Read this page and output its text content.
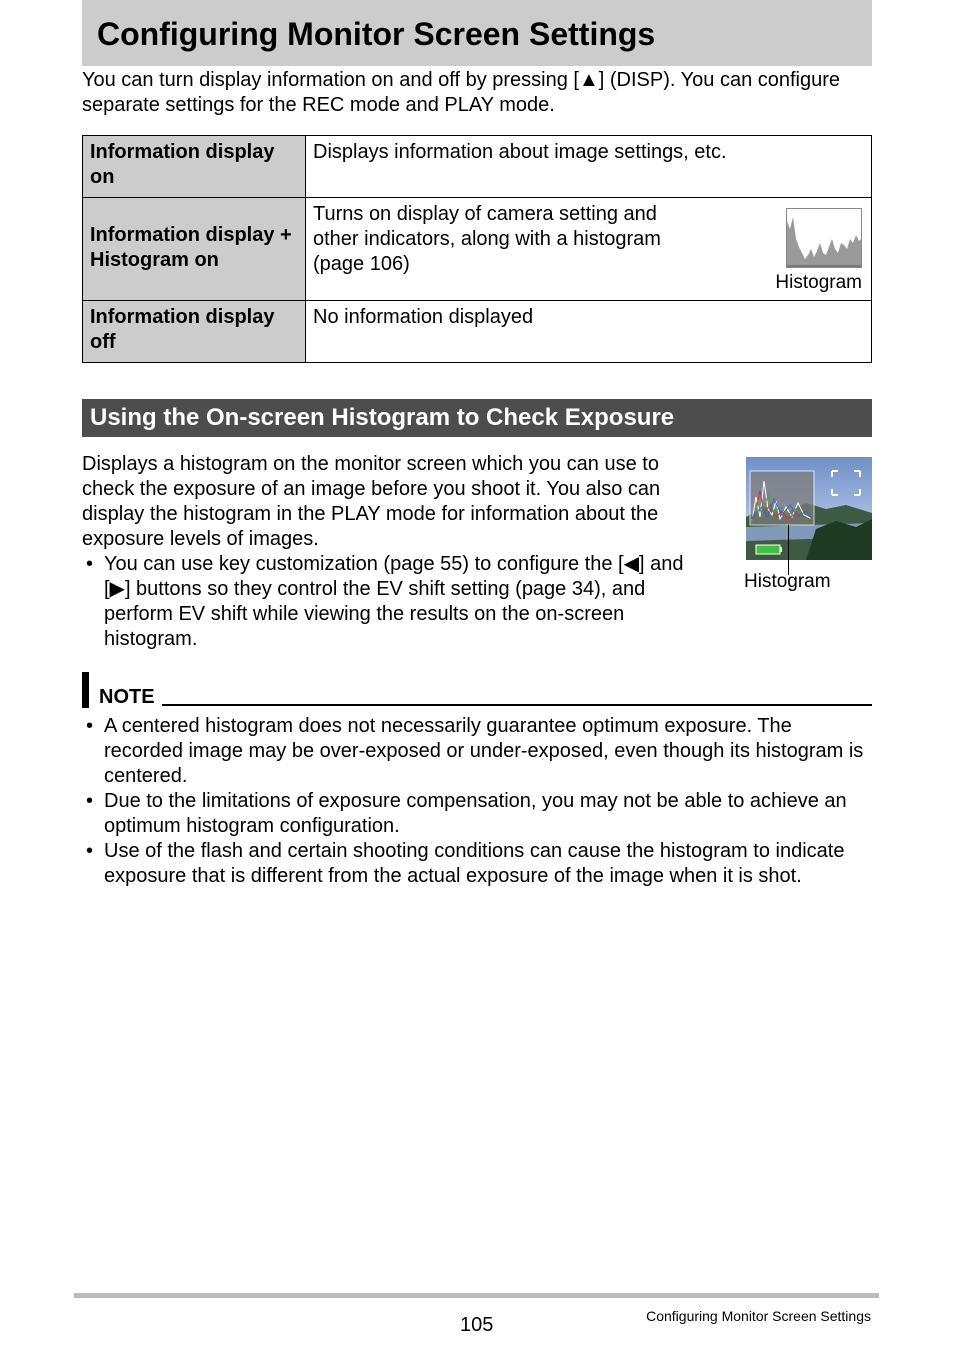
Configuring Monitor Screen Settings

You can turn display information on and off by pressing [▲] (DISP). You can configure separate settings for the REC mode and PLAY mode.

Information display on	Displays information about image settings, etc.
Information display + Histogram on	Turns on display of camera setting and other indicators, along with a histogram (page 106)
Histogram

Information display off	No information displayed
Using the On-screen Histogram to Check Exposure
Displays a histogram on the monitor screen which you can use to check the exposure of an image before you shoot it. You also can display the histogram in the PLAY mode for information about the exposure levels of images.
• You can use key customization (page 55) to configure the [◀] and [▶] buttons so they control the EV shift setting (page 34), and perform EV shift while viewing the results on the on-screen histogram.
Histogram
NOTE
• A centered histogram does not necessarily guarantee optimum exposure. The recorded image may be over-exposed or under-exposed, even though its histogram is centered.
• Due to the limitations of exposure compensation, you may not be able to achieve an optimum histogram configuration.
• Use of the flash and certain shooting conditions can cause the histogram to indicate exposure that is different from the actual exposure of the image when it is shot.
105	Configuring Monitor Screen Settings
